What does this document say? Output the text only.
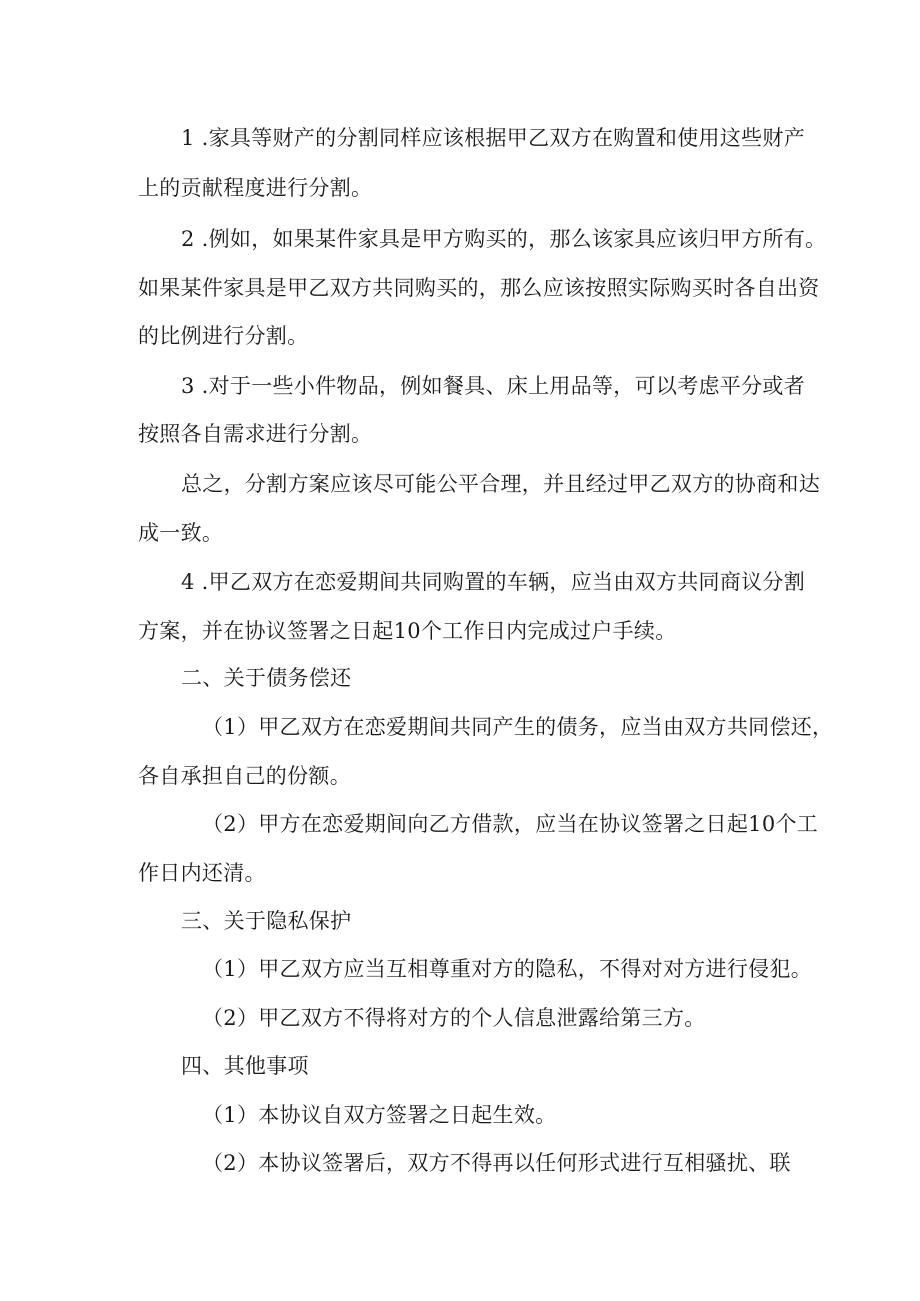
1 .家具等财产的分割同样应该根据甲乙双方在购置和使用这些财产
上的贡献程度进行分割。
2 .例如，如果某件家具是甲方购买的，那么该家具应该归甲方所有。
如果某件家具是甲乙双方共同购买的，那么应该按照实际购买时各自出资
的比例进行分割。
3 .对于一些小件物品，例如餐具、床上用品等，可以考虑平分或者
按照各自需求进行分割。
总之，分割方案应该尽可能公平合理，并且经过甲乙双方的协商和达
成一致。
4 .甲乙双方在恋爱期间共同购置的车辆，应当由双方共同商议分割
方案，并在协议签署之日起10个工作日内完成过户手续。
二、关于债务偿还
（1）甲乙双方在恋爱期间共同产生的债务，应当由双方共同偿还，
各自承担自己的份额。
（2）甲方在恋爱期间向乙方借款，应当在协议签署之日起10个工
作日内还清。
三、关于隐私保护
（1）甲乙双方应当互相尊重对方的隐私，不得对对方进行侵犯。
（2）甲乙双方不得将对方的个人信息泄露给第三方。
四、其他事项
（1）本协议自双方签署之日起生效。
（2）本协议签署后，双方不得再以任何形式进行互相骚扰、联
